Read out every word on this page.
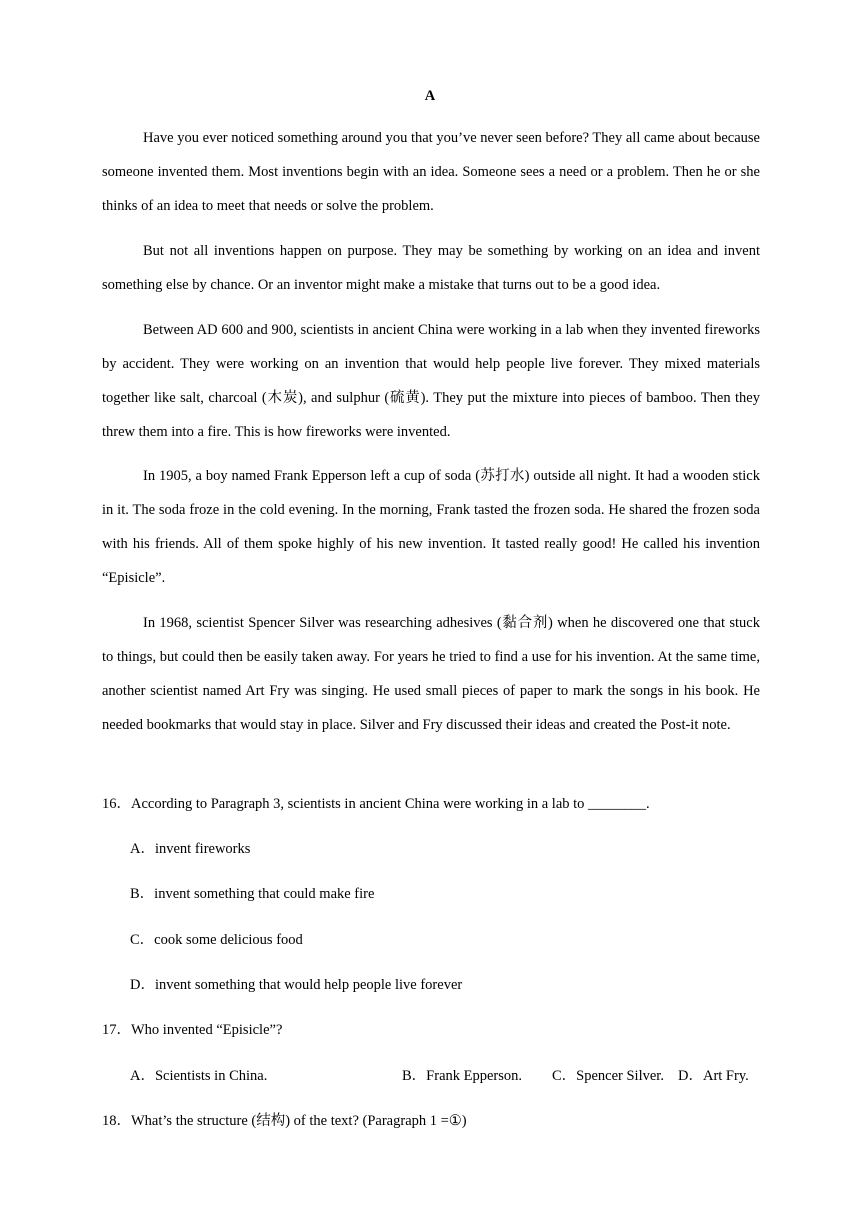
A

Have you ever noticed something around you that you’ve never seen before? They all came about because someone invented them. Most inventions begin with an idea. Someone sees a need or a problem. Then he or she thinks of an idea to meet that needs or solve the problem.

But not all inventions happen on purpose. They may be something by working on an idea and invent something else by chance. Or an inventor might make a mistake that turns out to be a good idea.

Between AD 600 and 900, scientists in ancient China were working in a lab when they invented fireworks by accident. They were working on an invention that would help people live forever. They mixed materials together like salt, charcoal (木炭), and sulphur (硫黄). They put the mixture into pieces of bamboo. Then they threw them into a fire. This is how fireworks were invented.

In 1905, a boy named Frank Epperson left a cup of soda (苏打水) outside all night. It had a wooden stick in it. The soda froze in the cold evening. In the morning, Frank tasted the frozen soda. He shared the frozen soda with his friends. All of them spoke highly of his new invention. It tasted really good! He called his invention “Episicle”.

In 1968, scientist Spencer Silver was researching adhesives (黏合剂) when he discovered one that stuck to things, but could then be easily taken away. For years he tried to find a use for his invention. At the same time, another scientist named Art Fry was singing. He used small pieces of paper to mark the songs in his book. He needed bookmarks that would stay in place. Silver and Fry discussed their ideas and created the Post-it note.

16．According to Paragraph 3, scientists in ancient China were working in a lab to ________.

A．invent fireworks

B．invent something that could make fire

C．cook some delicious food

D．invent something that would help people live forever

17．Who invented “Episicle”?

A．Scientists in China.	B．Frank Epperson. C．Spencer Silver. D．Art Fry.

18．What’s the structure (结构) of the text? (Paragraph 1 =①)
